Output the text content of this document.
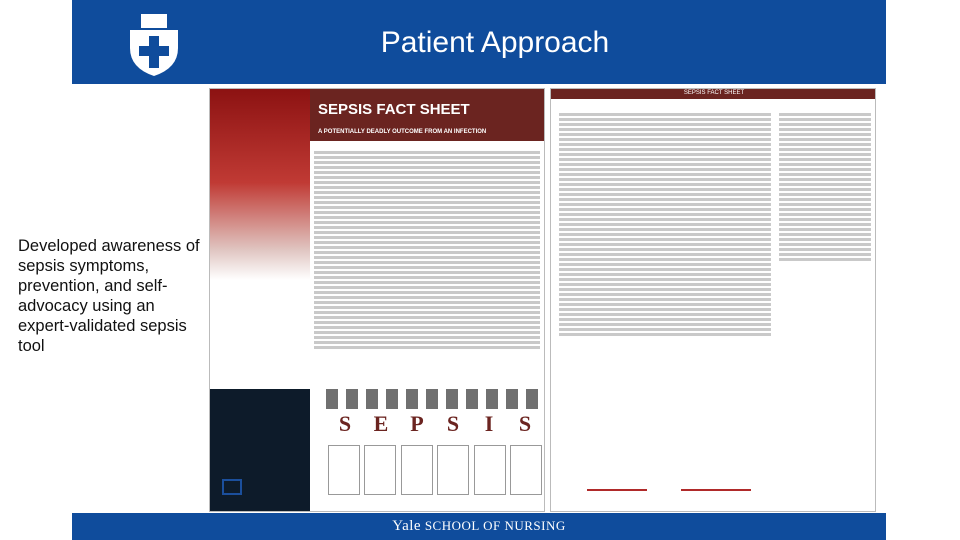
Patient Approach
Developed awareness of sepsis symptoms, prevention, and self-advocacy using an expert-validated sepsis tool
SEPSIS FACT SHEET
A POTENTIALLY DEADLY OUTCOME FROM AN INFECTION
S	E P	S	I	S
SEPSIS FACT SHEET
Yale SCHOOL OF NURSING
